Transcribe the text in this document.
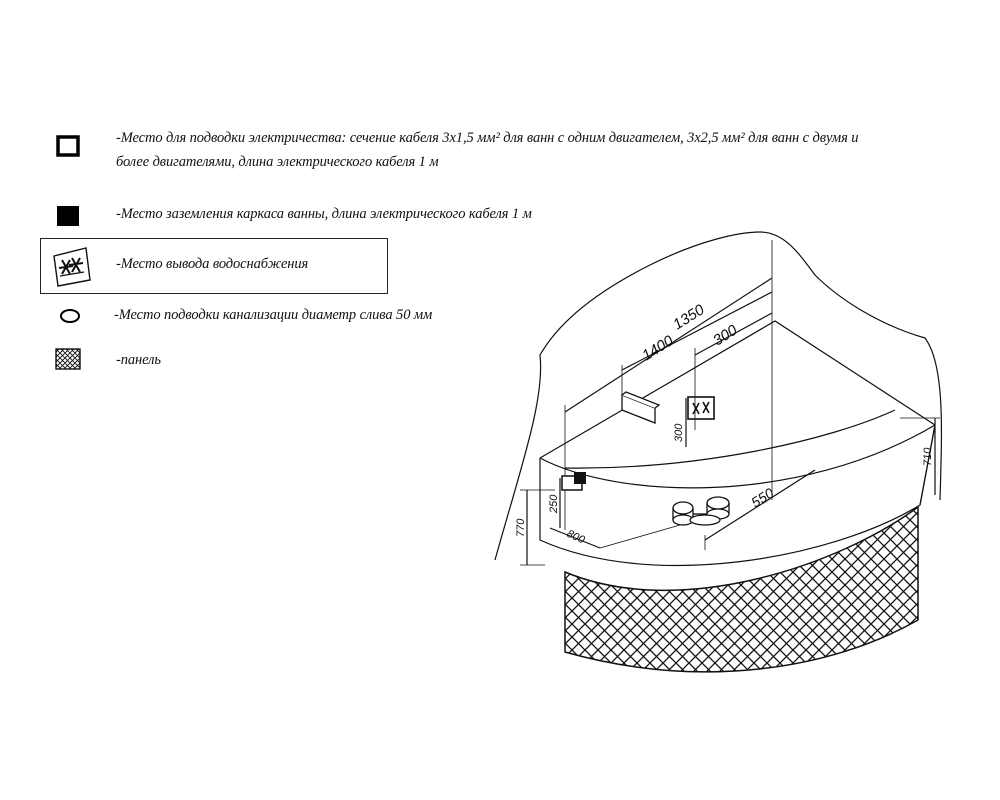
-Место для подводки электричества: сечение кабеля 3х1,5 мм² для ванн с одним двигателем, 3х2,5 мм² для ванн с двумя и
более двигателями, длина электрического кабеля 1 м
-Место заземления каркаса ванны, длина электрического кабеля 1 м
-Место вывода водоснабжения
-Место подводки канализации диаметр слива 50 мм
-панель
1350
1400 300
300
710
770
250
800
550
